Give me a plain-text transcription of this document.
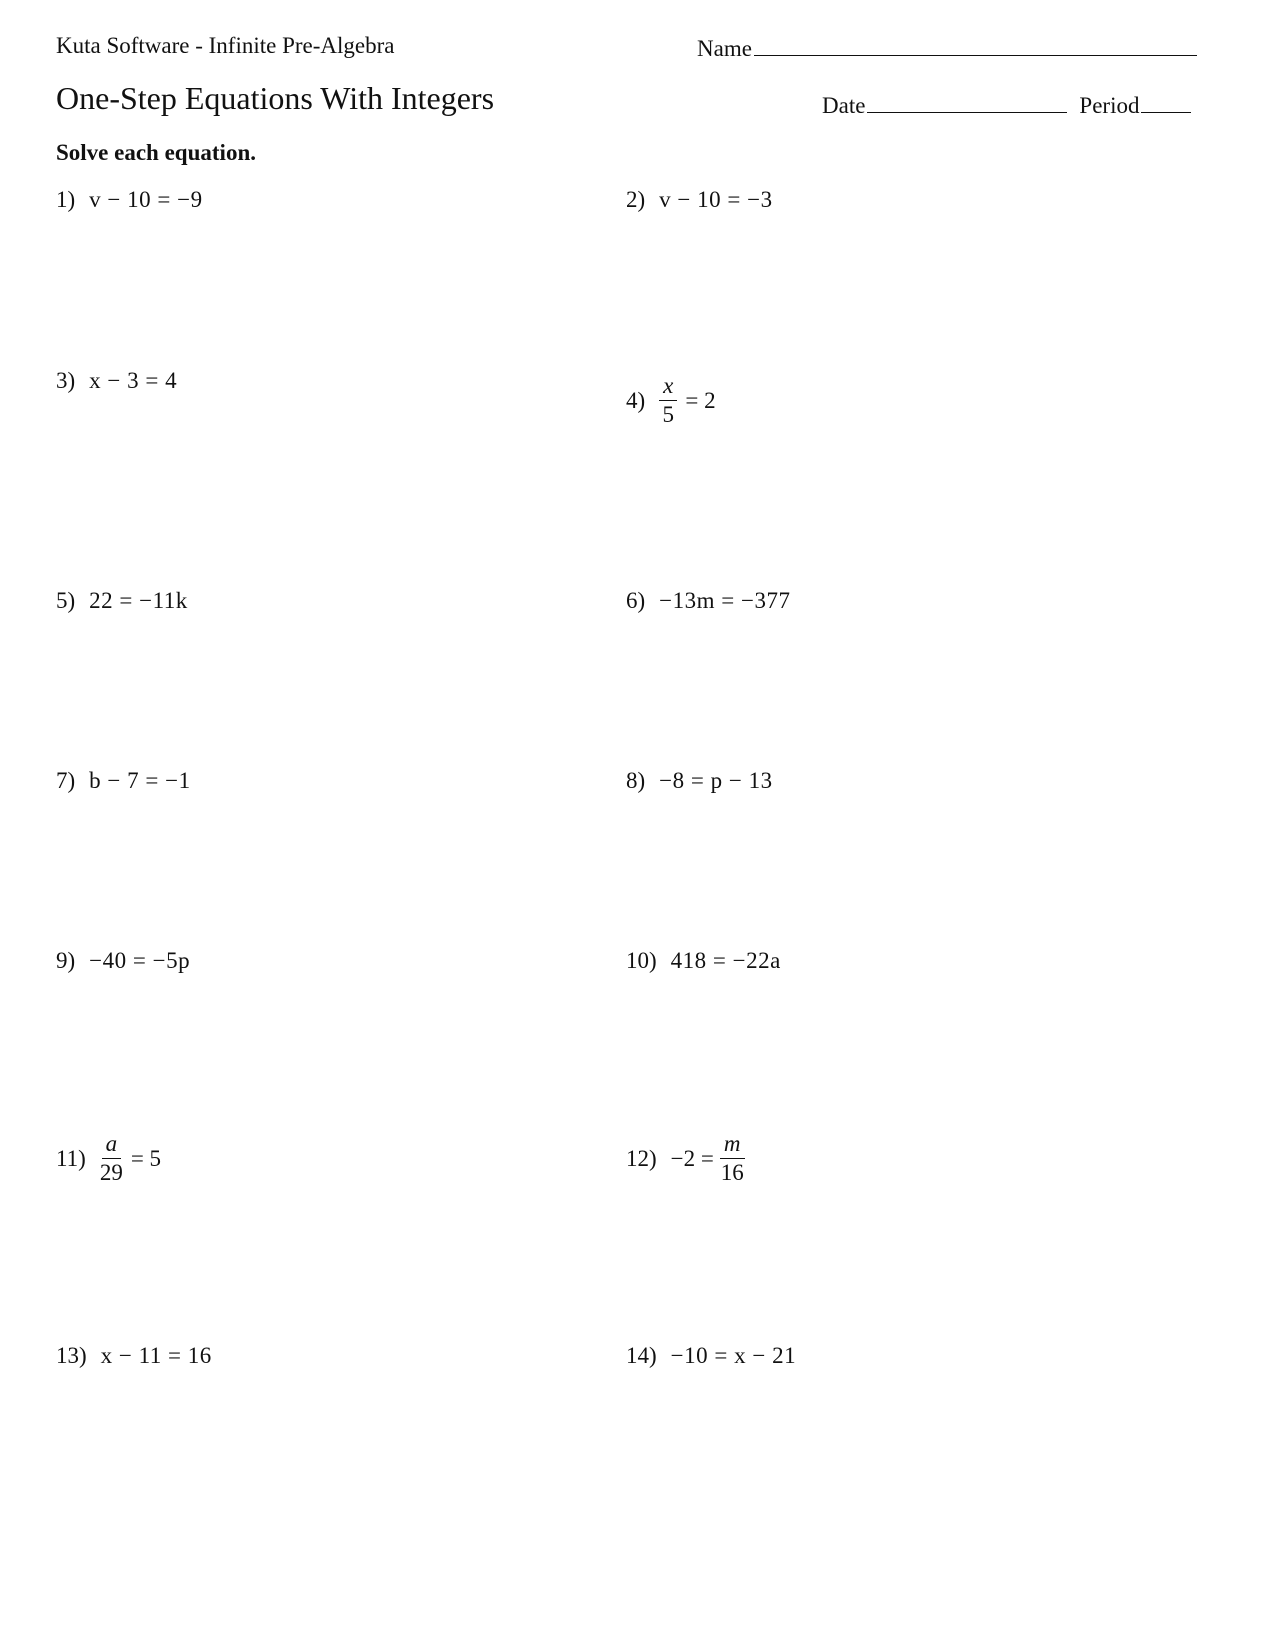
Kuta Software - Infinite Pre-Algebra	Name
One-Step Equations With Integers	Date	Period
Solve each equation.
1) v − 10 = −9	2) v − 10 = −3
3) x − 3 = 4
$4) \frac{x}{5} = 2$
5) 22 = −11k	6) −13m = −377
7) b − 7 = −1	8) −8 = p − 13
9) −40 = −5p	10) 418 = −22a
$11) \frac{a}{29} = 5$	$12) -2 = \frac{m}{16}$
13) x − 11 = 16	14) −10 = x − 21
